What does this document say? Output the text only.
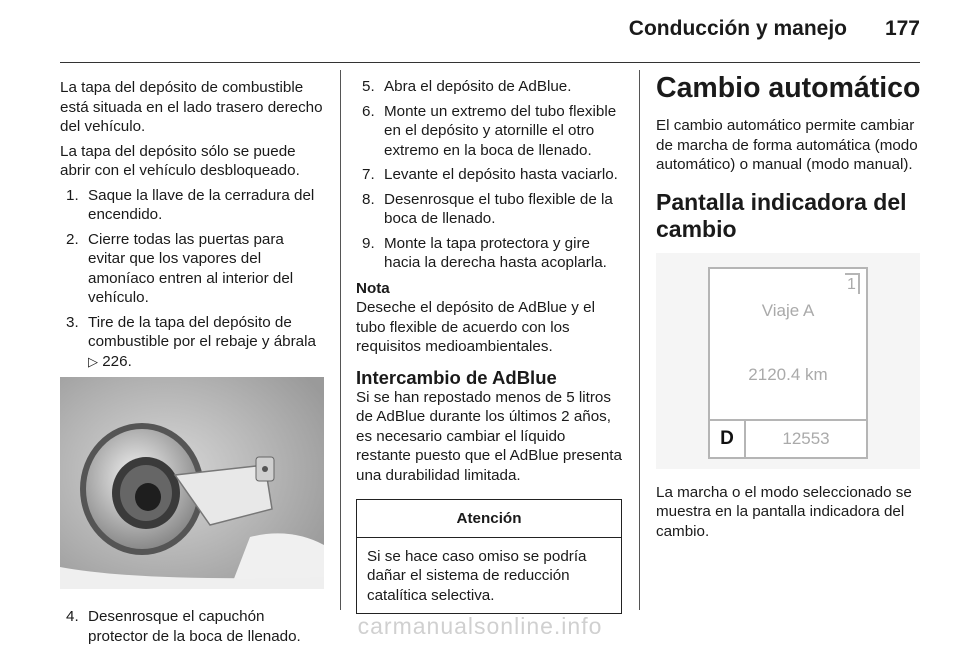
Conducción y manejo 177

La tapa del depósito de combustible está situada en el lado trasero derecho del vehículo.

La tapa del depósito sólo se puede abrir con el vehículo desbloqueado.

1. Saque la llave de la cerradura del encendido.
2. Cierre todas las puertas para evitar que los vapores del amoníaco entren al interior del vehículo.
3. Tire de la tapa del depósito de combustible por el rebaje y ábrala
▷ 226.
4. Desenrosque el capuchón protector de la boca de llenado.
5. Abra el depósito de AdBlue.
6. Monte un extremo del tubo flexible en el depósito y atornille el otro extremo en la boca de llenado.
7. Levante el depósito hasta vaciarlo.
8. Desenrosque el tubo flexible de la boca de llenado.
9. Monte la tapa protectora y gire hacia la derecha hasta acoplarla.
Nota

Deseche el depósito de AdBlue y el tubo flexible de acuerdo con los requisitos medioambientales.

Intercambio de AdBlue

Si se han repostado menos de 5 litros de AdBlue durante los últimos 2 años, es necesario cambiar el líquido restante puesto que el AdBlue presenta una durabilidad limitada.

Atención
Si se hace caso omiso se podría dañar el sistema de reducción catalítica selectiva.
Cambio automático

El cambio automático permite cambiar de marcha de forma automática (modo automático) o manual (modo manual).

Pantalla indicadora del cambio
1
Viaje A
2120.4 km
D	12553

La marcha o el modo seleccionado se muestra en la pantalla indicadora del cambio.

carmanualsonline.info
